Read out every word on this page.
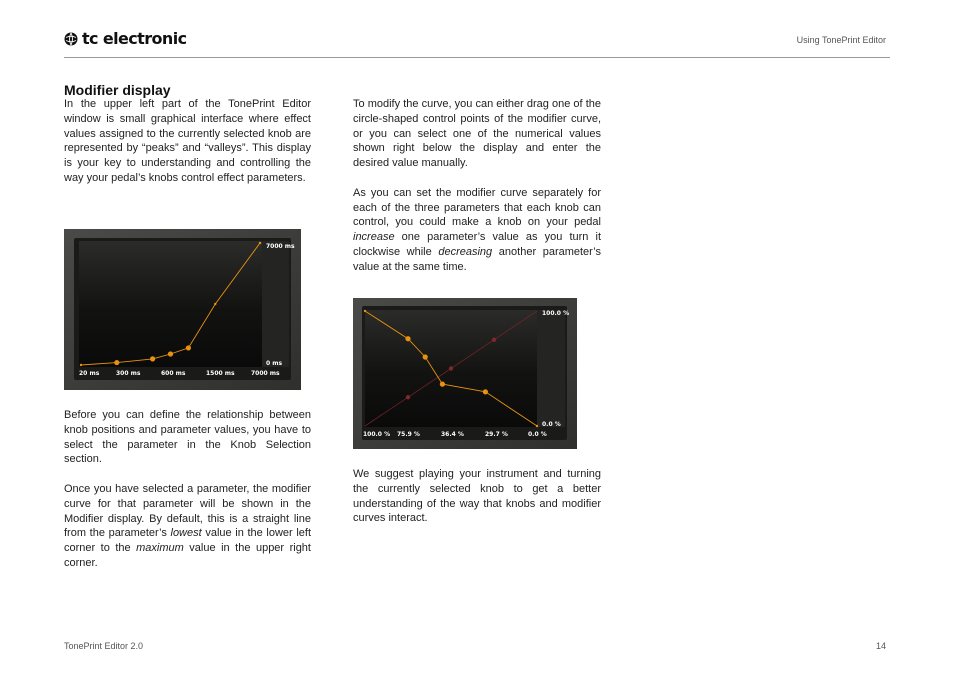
tc electronic	Using TonePrint Editor
Modifier display

In the upper left part of the TonePrint Editor window is small graphical interface where effect values assigned to the currently selected knob are represented by “peaks” and “valleys”. This display is your key to understanding and controlling the way your pedal’s knobs control effect parameters.

7000 ms
0 ms
20 ms	300 ms	600 ms	1500 ms	7000 ms

Before you can define the relationship between knob positions and parameter values, you have to select the parameter in the Knob Selection section.

Once you have selected a parameter, the modifier curve for that parameter will be shown in the Modifier display. By default, this is a straight line from the parameter’s lowest value in the lower left corner to the maximum value in the upper right corner.

To modify the curve, you can either drag one of the circle-shaped control points of the modifier curve, or you can select one of the numerical values shown right below the display and enter the desired value manually.

As you can set the modifier curve separately for each of the three parameters that each knob can control, you could make a knob on your pedal increase one parameter’s value as you turn it clockwise while decreasing another parameter’s value at the same time.

100.0 %
0.0 %
100.0 % 75.9 %	36.4 %	29.7 %	0.0 %

We suggest playing your instrument and turning the currently selected knob to get a better understanding of the way that knobs and modifier curves interact.

TonePrint Editor 2.0	14
